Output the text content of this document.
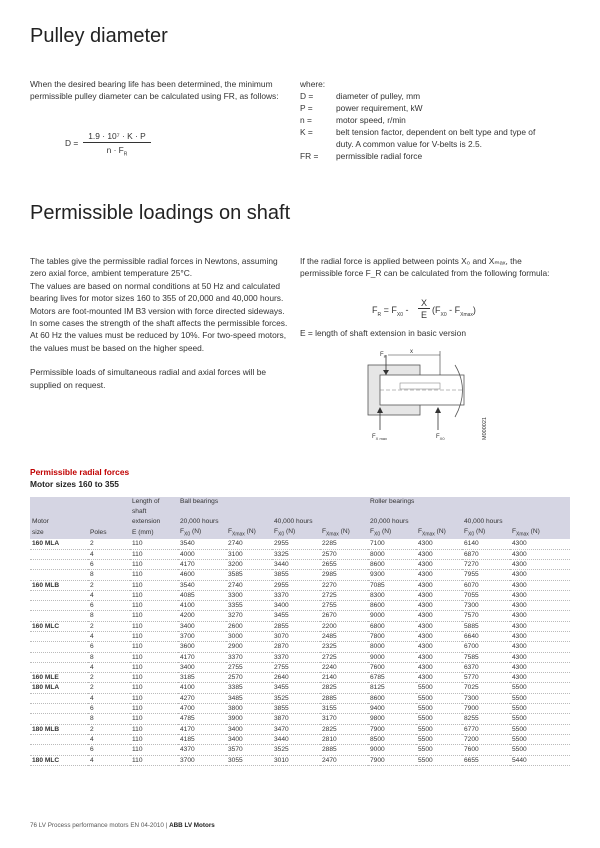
Pulley diameter
When the desired bearing life has been determined, the minimum permissible pulley diameter can be calculated using FR, as follows:
D =
1.9 · 10⁷ · K · P
$n \cdot F_R$
where:
D =	diameter of pulley, mm
P =	power requirement, kW
n =	motor speed, r/min
K =	belt tension factor, dependent on belt type and type of duty. A common value for V-belts is 2.5.
FR =	permissible radial force
Permissible loadings on shaft
The tables give the permissible radial forces in Newtons, assuming zero axial force, ambient temperature 25°C.
The values are based on normal conditions at 50 Hz and calculated bearing lives for motor sizes 160 to 355 of 20,000 and 40,000 hours.
Motors are foot-mounted IM B3 version with force directed sideways. In some cases the strength of the shaft affects the permissible forces. At 60 Hz the values must be reduced by 10%. For two-speed motors, the values must be based on the higher speed.
Permissible loads of simultaneous radial and axial forces will be supplied on request.
If the radial force is applied between points X₀ and Xₘₐₓ, the permissible force F_R can be calculated from the following formula:
$F_R = F_{X0}$ -
X
E $(F_{X0} - F_{Xmax})$
E = length of shaft extension in basic version
$F_R$
x
$F_{X max}$	$F_{X0}$	M000021
Permissible radial forces
Motor sizes 160 to 355
		Length of	Ball bearings				Roller bearings			
		shaft								
Motor		extension	20,000 hours		40,000 hours		20,000 hours		40,000 hours	
size	Poles	E (mm)	$F_{X0}$ (N)	$F_{Xmax}$ (N)	$F_{X0}$ (N)	$F_{Xmax}$ (N)	$F_{X0}$ (N)	$F_{Xmax}$ (N)	$F_{X0}$ (N)	$F_{Xmax}$ (N)
160 MLA	2	110	3540	2740	2955	2285	7100	4300	6140	4300
	4	110	4000	3100	3325	2570	8000	4300	6870	4300
	6	110	4170	3200	3440	2655	8600	4300	7270	4300
	8	110	4600	3585	3855	2985	9300	4300	7955	4300
160 MLB	2	110	3540	2740	2955	2270	7085	4300	6070	4300
	4	110	4085	3300	3370	2725	8300	4300	7055	4300
	6	110	4100	3355	3400	2755	8600	4300	7300	4300
	8	110	4200	3270	3455	2670	9000	4300	7570	4300
160 MLC	2	110	3400	2600	2855	2200	6800	4300	5885	4300
	4	110	3700	3000	3070	2485	7800	4300	6640	4300
	6	110	3600	2900	2870	2325	8000	4300	6700	4300
	8	110	4170	3370	3370	2725	9000	4300	7585	4300
	4	110	3400	2755	2755	2240	7600	4300	6370	4300
160 MLE	2	110	3185	2570	2640	2140	6785	4300	5770	4300
180 MLA	2	110	4100	3385	3455	2825	8125	5500	7025	5500
	4	110	4270	3485	3525	2885	8600	5500	7300	5500
	6	110	4700	3800	3855	3155	9400	5500	7900	5500
	8	110	4785	3900	3870	3170	9800	5500	8255	5500
180 MLB	2	110	4170	3400	3470	2825	7900	5500	6770	5500
	4	110	4185	3400	3440	2810	8500	5500	7200	5500
	6	110	4370	3570	3525	2885	9000	5500	7600	5500
180 MLC	4	110	3700	3055	3010	2470	7900	5500	6655	5440
76 LV Process performance motors EN 04-2010 | ABB LV Motors
